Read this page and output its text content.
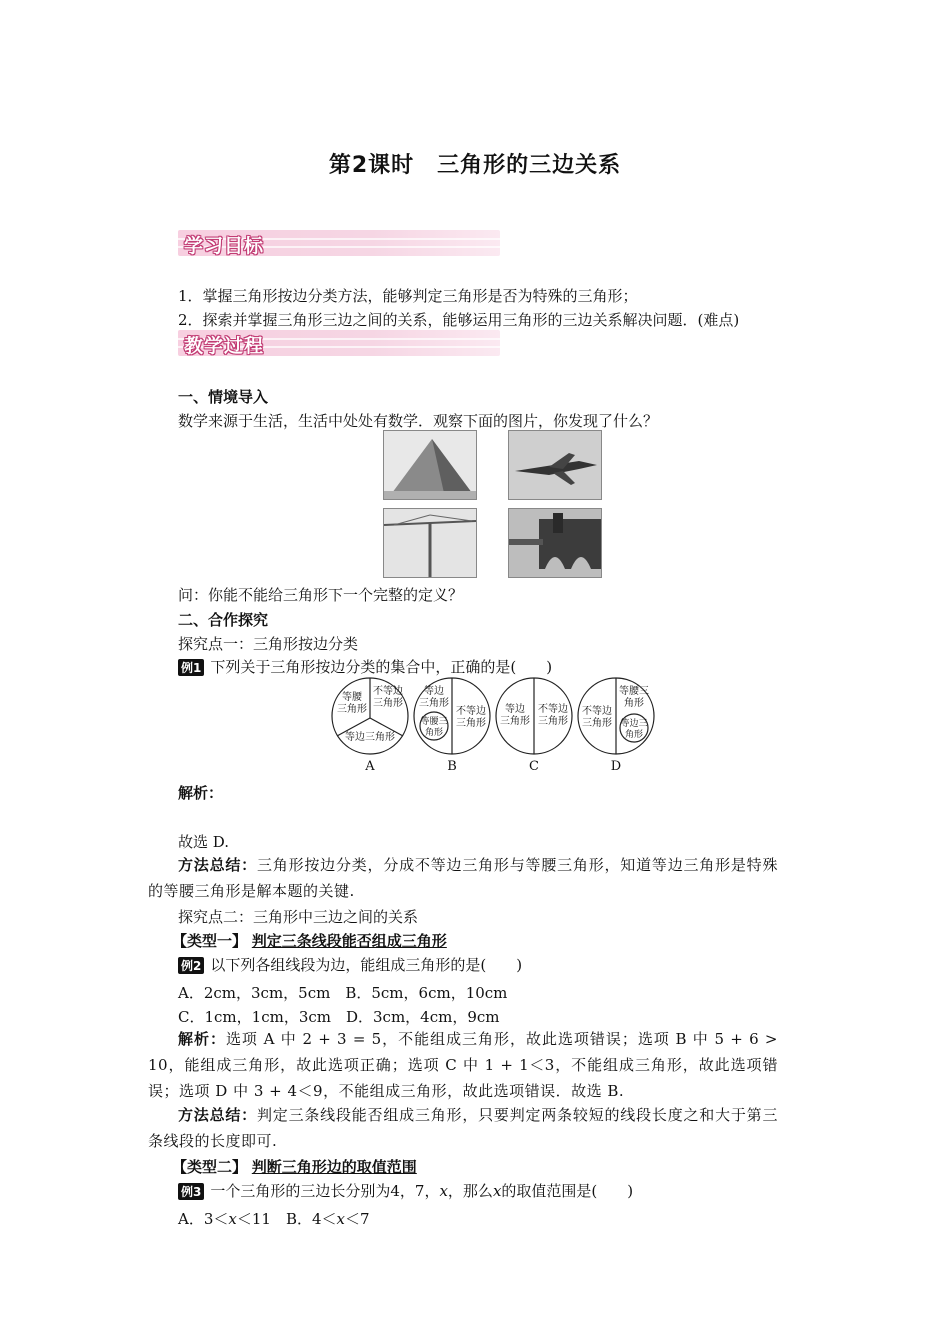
第2课时　三角形的三边关系
学习目标
1．掌握三角形按边分类方法，能够判定三角形是否为特殊的三角形；
2．探索并掌握三角形三边之间的关系，能够运用三角形的三边关系解决问题．(难点)
教学过程
一、情境导入
数学来源于生活，生活中处处有数学．观察下面的图片，你发现了什么？
问：你能不能给三角形下一个完整的定义？
二、合作探究
探究点一：三角形按边分类
例1 下列关于三角形按边分类的集合中，正确的是(　　)
等腰
三角形
不等边
三角形
等边三角形
A
等边
三角形
等腰三
角形
不等边
三角形
B
等边
三角形
不等边
三角形
C
不等边
三角形
等腰三
角形
等边三
角形
D
解析：
故选 D.
方法总结：三角形按边分类，分成不等边三角形与等腰三角形，知道等边三角形是特殊的等腰三角形是解本题的关键.
探究点二：三角形中三边之间的关系
【类型一】 判定三条线段能否组成三角形
例2 以下列各组线段为边，能组成三角形的是(　　)
A．2cm，3cm，5cm　B．5cm，6cm，10cm
C．1cm，1cm，3cm　D．3cm，4cm，9cm
解析：选项 A 中 2 + 3 = 5，不能组成三角形，故此选项错误；选项 B 中 5 + 6 > 10，能组成三角形，故此选项正确；选项 C 中 1 + 1＜3，不能组成三角形，故此选项错误；选项 D 中 3 + 4＜9，不能组成三角形，故此选项错误．故选 B.
方法总结：判定三条线段能否组成三角形，只要判定两条较短的线段长度之和大于第三条线段的长度即可.
【类型二】 判断三角形边的取值范围
例3 一个三角形的三边长分别为4，7，x，那么x的取值范围是(　　)
A．3＜x＜11　B．4＜x＜7
